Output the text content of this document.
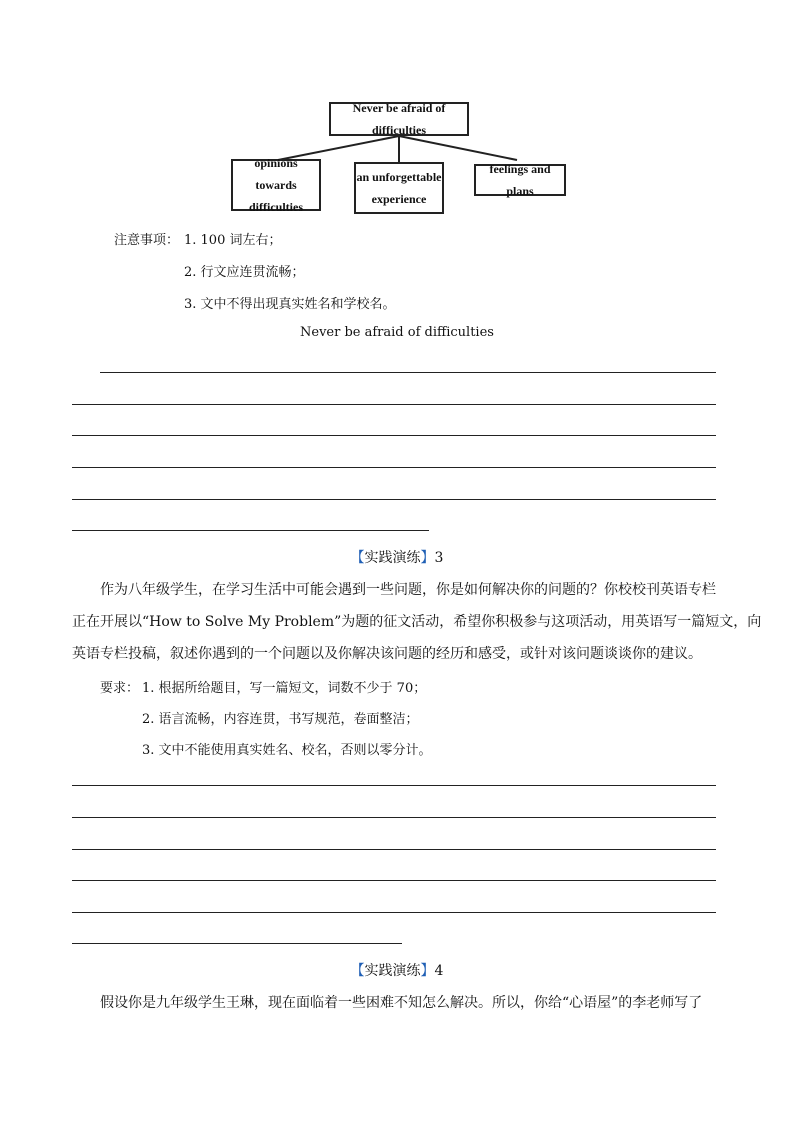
Never be afraid of difficulties
opinions towards
difficulties
an unforgettable
experience
feelings and plans
注意事项： 1. 100 词左右；
2. 行文应连贯流畅；
3. 文中不得出现真实姓名和学校名。
Never be afraid of difficulties
【实践演练】3
作为八年级学生，在学习生活中可能会遇到一些问题，你是如何解决你的问题的？你校校刊英语专栏
正在开展以“How to Solve My Problem”为题的征文活动，希望你积极参与这项活动，用英语写一篇短文，向
英语专栏投稿，叙述你遇到的一个问题以及你解决该问题的经历和感受，或针对该问题谈谈你的建议。
要求： 1. 根据所给题目，写一篇短文，词数不少于 70；
2. 语言流畅，内容连贯，书写规范，卷面整洁；
3. 文中不能使用真实姓名、校名，否则以零分计。
【实践演练】4
假设你是九年级学生王琳，现在面临着一些困难不知怎么解决。所以，你给“心语屋”的李老师写了
